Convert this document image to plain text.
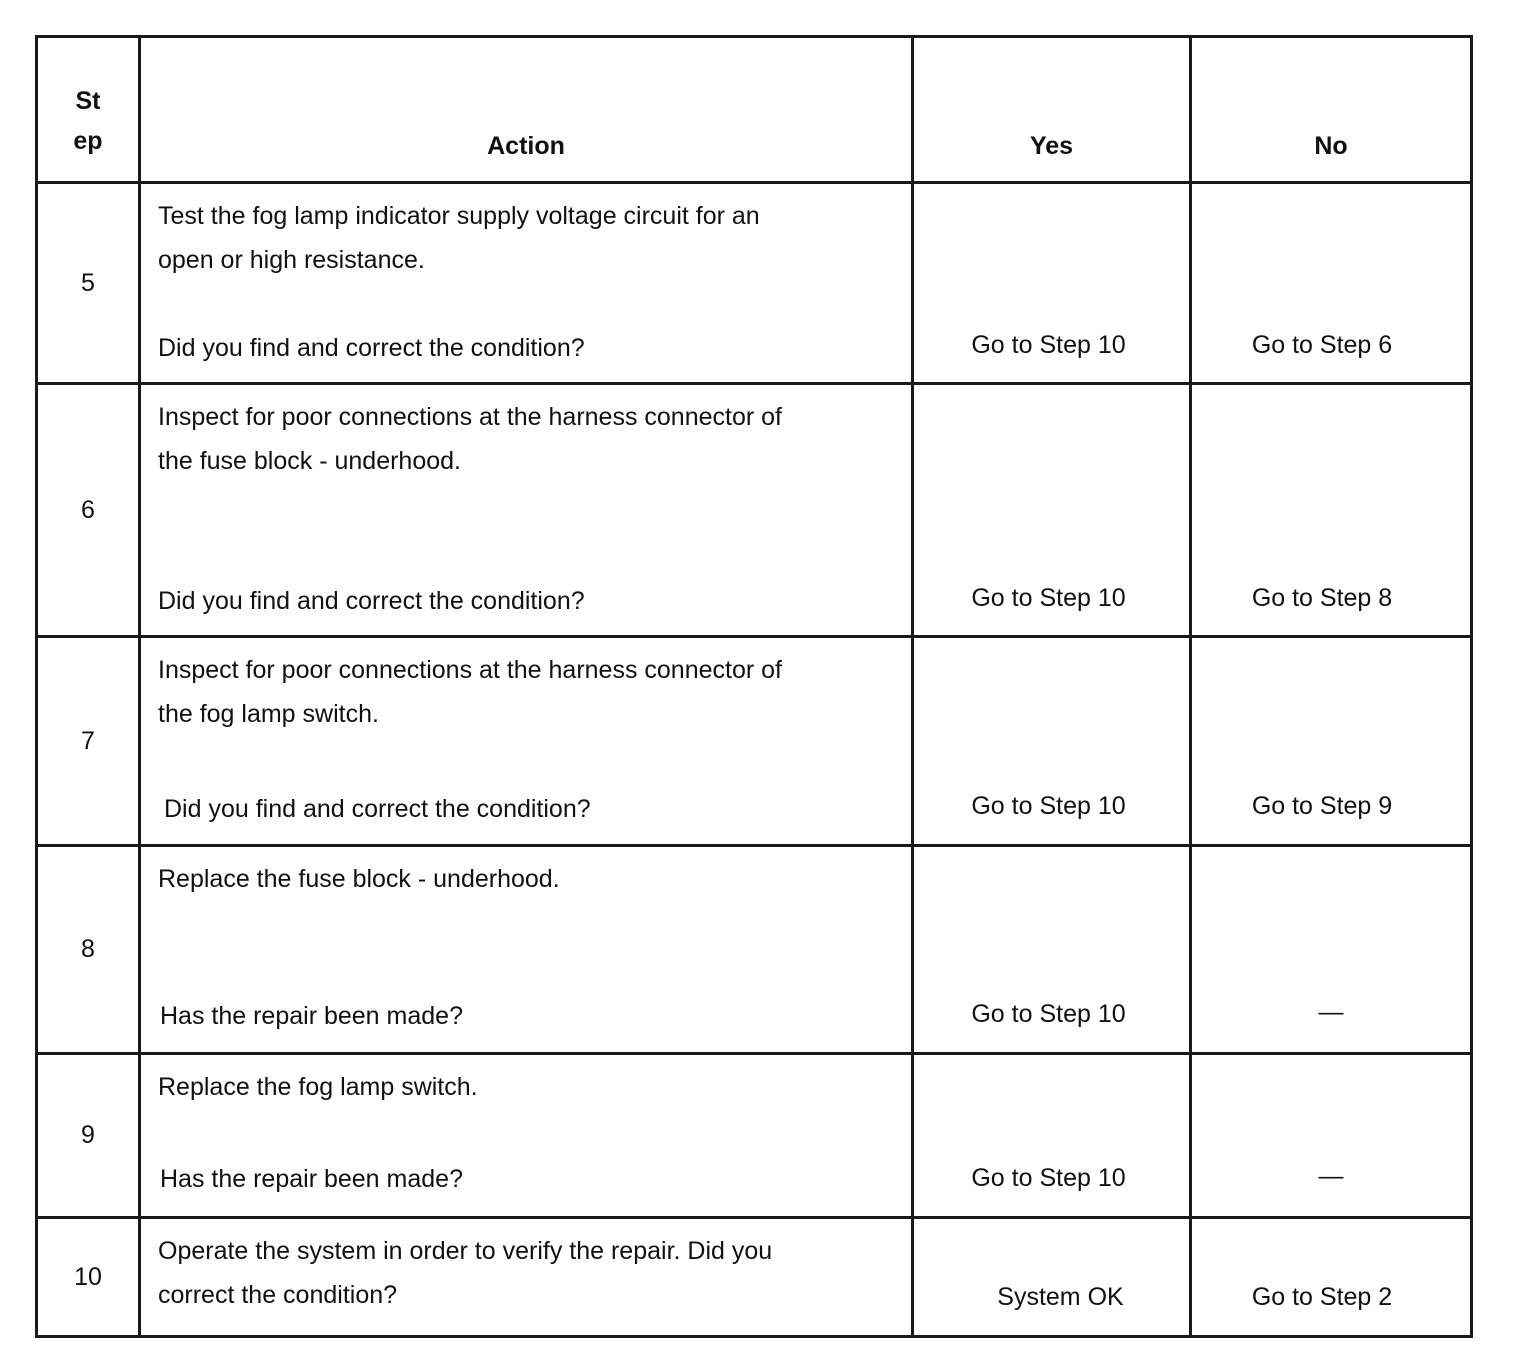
St
ep	Action	Yes	No

5	Test the fog lamp indicator supply voltage circuit for an
open or high resistance.
Did you find and correct the condition?	Go to Step 10	Go to Step 6

6	Inspect for poor connections at the harness connector of
the fuse block - underhood.
Did you find and correct the condition?	Go to Step 10	Go to Step 8

7	Inspect for poor connections at the harness connector of
the fog lamp switch.
Did you find and correct the condition?	Go to Step 10	Go to Step 9

8	Replace the fuse block - underhood.
Has the repair been made?	Go to Step 10	—

9	Replace the fog lamp switch.
Has the repair been made?	Go to Step 10	—

10	Operate the system in order to verify the repair. Did you
correct the condition?	System OK	Go to Step 2
